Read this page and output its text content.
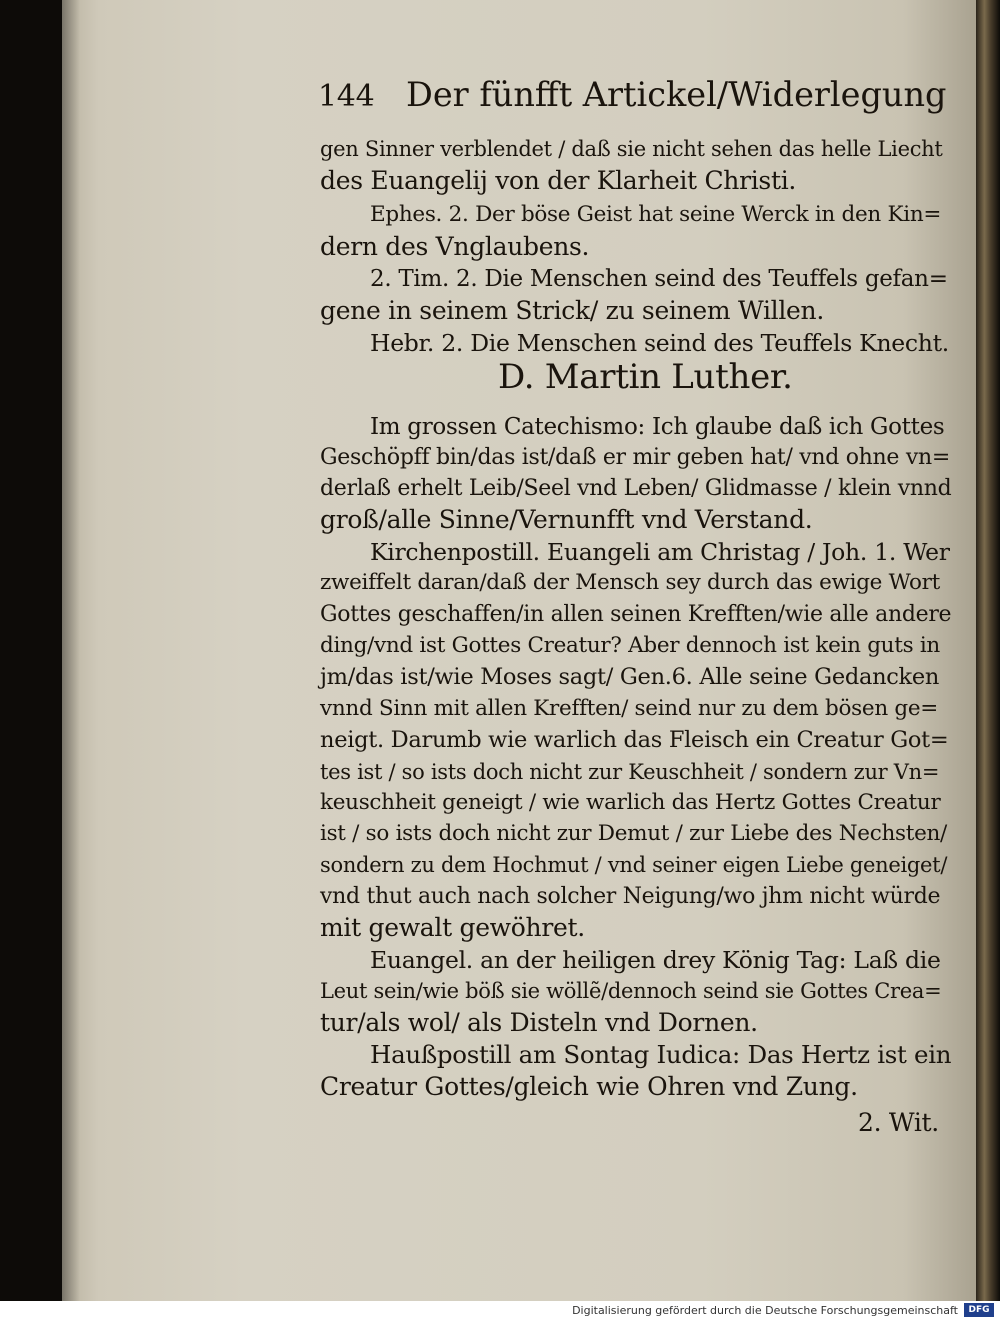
144 Der fünfft Artickel/Widerlegung
gen Sinner verblendet / daß sie nicht sehen das helle Liecht
des Euangelij von der Klarheit Christi.
Ephes. 2. Der böse Geist hat seine Werck in den Kin=
dern des Vnglaubens.
2. Tim. 2. Die Menschen seind des Teuffels gefan=
gene in seinem Strick/ zu seinem Willen.
Hebr. 2. Die Menschen seind des Teuffels Knecht.
D. Martin Luther.
Im grossen Catechismo: Ich glaube daß ich Gottes
Geschöpff bin/das ist/daß er mir geben hat/ vnd ohne vn=
derlaß erhelt Leib/Seel vnd Leben/ Glidmasse / klein vnnd
groß/alle Sinne/Vernunfft vnd Verstand.
Kirchenpostill. Euangeli am Christag / Joh. 1. Wer
zweiffelt daran/daß der Mensch sey durch das ewige Wort
Gottes geschaffen/in allen seinen Krefften/wie alle andere
ding/vnd ist Gottes Creatur? Aber dennoch ist kein guts in
jm/das ist/wie Moses sagt/ Gen.6. Alle seine Gedancken
vnnd Sinn mit allen Krefften/ seind nur zu dem bösen ge=
neigt. Darumb wie warlich das Fleisch ein Creatur Got=
tes ist / so ists doch nicht zur Keuschheit / sondern zur Vn=
keuschheit geneigt / wie warlich das Hertz Gottes Creatur
ist / so ists doch nicht zur Demut / zur Liebe des Nechsten/
sondern zu dem Hochmut / vnd seiner eigen Liebe geneiget/
vnd thut auch nach solcher Neigung/wo jhm nicht würde
mit gewalt gewöhret.
Euangel. an der heiligen drey König Tag: Laß die
Leut sein/wie böß sie wöllẽ/dennoch seind sie Gottes Crea=
tur/als wol/ als Disteln vnd Dornen.
Haußpostill am Sontag Iudica: Das Hertz ist ein
Creatur Gottes/gleich wie Ohren vnd Zung.
2. Wit.
Digitalisierung gefördert durch die Deutsche Forschungsgemeinschaft	DFG
